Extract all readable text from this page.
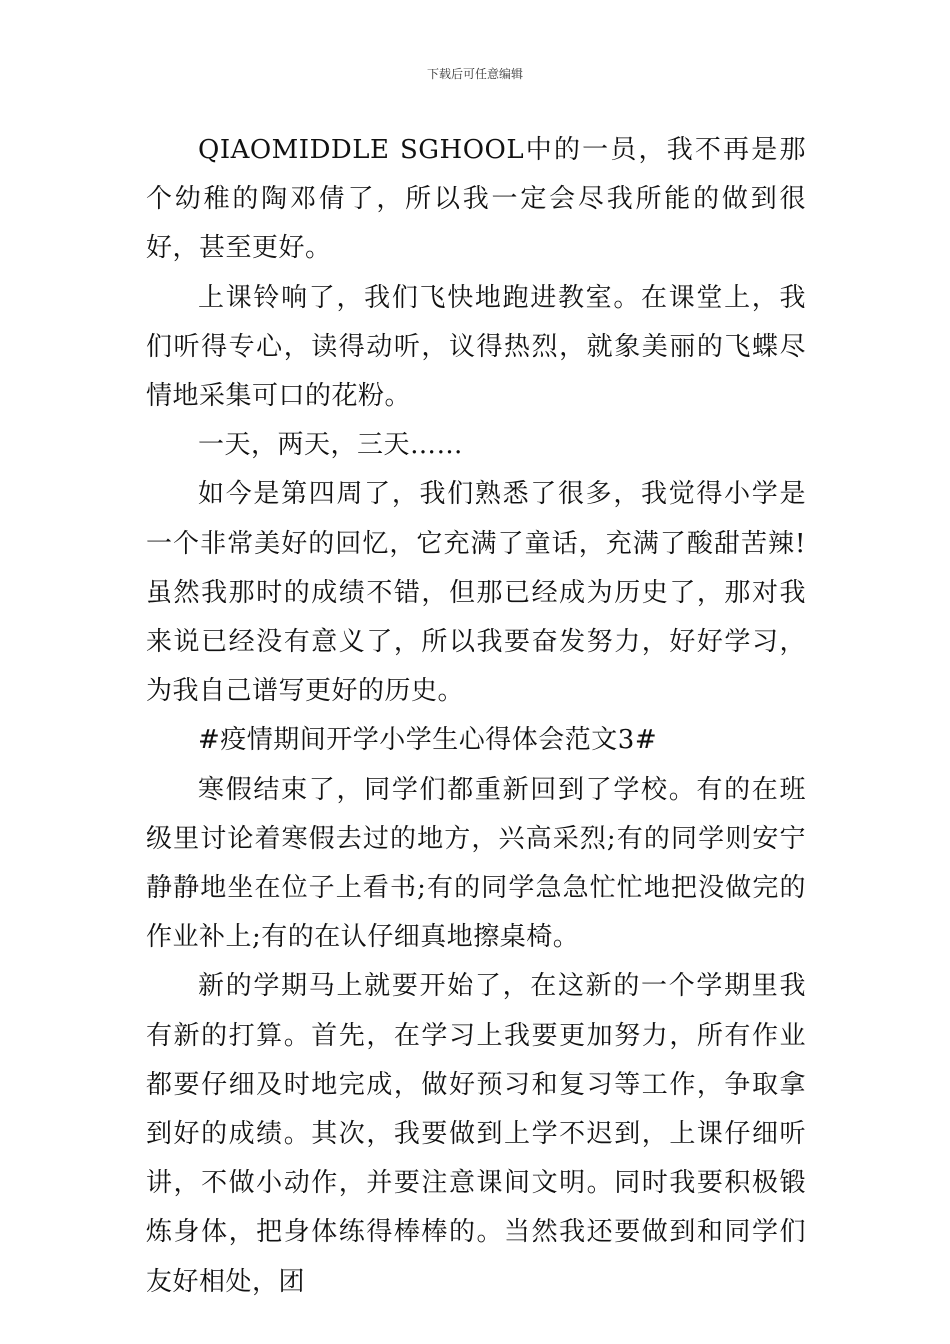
下载后可任意编辑

QIAOMIDDLE SGHOOL中的一员，我不再是那个幼稚的陶邓倩了，所以我一定会尽我所能的做到很好，甚至更好。

上课铃响了，我们飞快地跑进教室。在课堂上，我们听得专心，读得动听，议得热烈，就象美丽的飞蝶尽情地采集可口的花粉。

一天，两天，三天……

如今是第四周了，我们熟悉了很多，我觉得小学是一个非常美好的回忆，它充满了童话，充满了酸甜苦辣!虽然我那时的成绩不错，但那已经成为历史了，那对我来说已经没有意义了，所以我要奋发努力，好好学习，为我自己谱写更好的历史。

#疫情期间开学小学生心得体会范文3#

寒假结束了，同学们都重新回到了学校。有的在班级里讨论着寒假去过的地方，兴高采烈;有的同学则安宁静静地坐在位子上看书;有的同学急急忙忙地把没做完的作业补上;有的在认仔细真地擦桌椅。

新的学期马上就要开始了，在这新的一个学期里我有新的打算。首先，在学习上我要更加努力，所有作业都要仔细及时地完成，做好预习和复习等工作，争取拿到好的成绩。其次，我要做到上学不迟到，上课仔细听讲，不做小动作，并要注意课间文明。同时我要积极锻炼身体，把身体练得棒棒的。当然我还要做到和同学们友好相处，团
